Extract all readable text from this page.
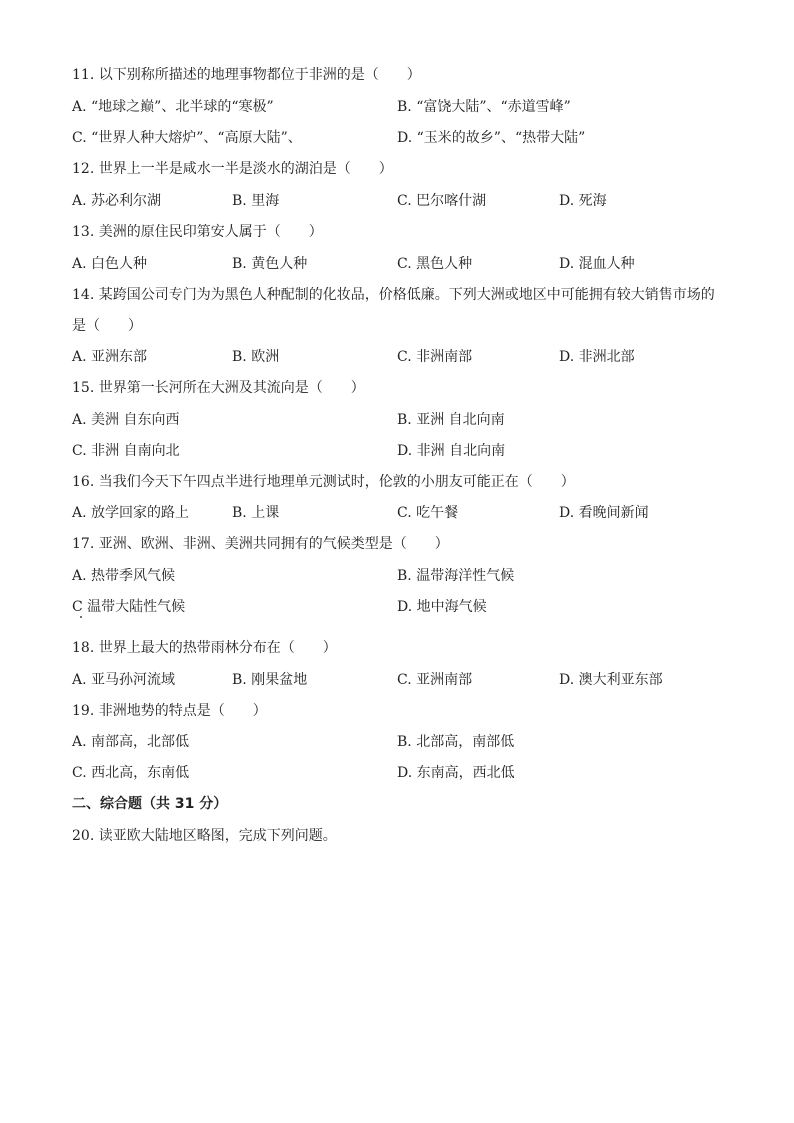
11. 以下别称所描述的地理事物都位于非洲的是（　　）
A. “地球之巅”、北半球的“寒极”	B. “富饶大陆”、“赤道雪峰”
C. “世界人种大熔炉”、“高原大陆”、	D. “玉米的故乡”、“热带大陆”
12. 世界上一半是咸水一半是淡水的湖泊是（　　）
A. 苏必利尔湖	B. 里海	C. 巴尔喀什湖	D. 死海
13. 美洲的原住民印第安人属于（　　）
A. 白色人种	B. 黄色人种	C. 黑色人种	D. 混血人种
14. 某跨国公司专门为为黑色人种配制的化妆品，价格低廉。下列大洲或地区中可能拥有较大销售市场的
是（　　）
A. 亚洲东部	B. 欧洲	C. 非洲南部	D. 非洲北部
15. 世界第一长河所在大洲及其流向是（　　）
A. 美洲 自东向西	B. 亚洲 自北向南
C. 非洲 自南向北	D. 非洲 自北向南
16. 当我们今天下午四点半进行地理单元测试时，伦敦的小朋友可能正在（　　）
A. 放学回家的路上	B. 上课	C. 吃午餐	D. 看晚间新闻
17. 亚洲、欧洲、非洲、美洲共同拥有的气候类型是（　　）
A. 热带季风气候	B. 温带海洋性气候
C 温带大陆性气候	D. 地中海气候
18. 世界上最大的热带雨林分布在（　　）
A. 亚马孙河流域	B. 刚果盆地	C. 亚洲南部	D. 澳大利亚东部
19. 非洲地势的特点是（　　）
A. 南部高，北部低	B. 北部高，南部低
C. 西北高，东南低	D. 东南高，西北低
二、综合题（共 31 分）
20. 读亚欧大陆地区略图，完成下列问题。
